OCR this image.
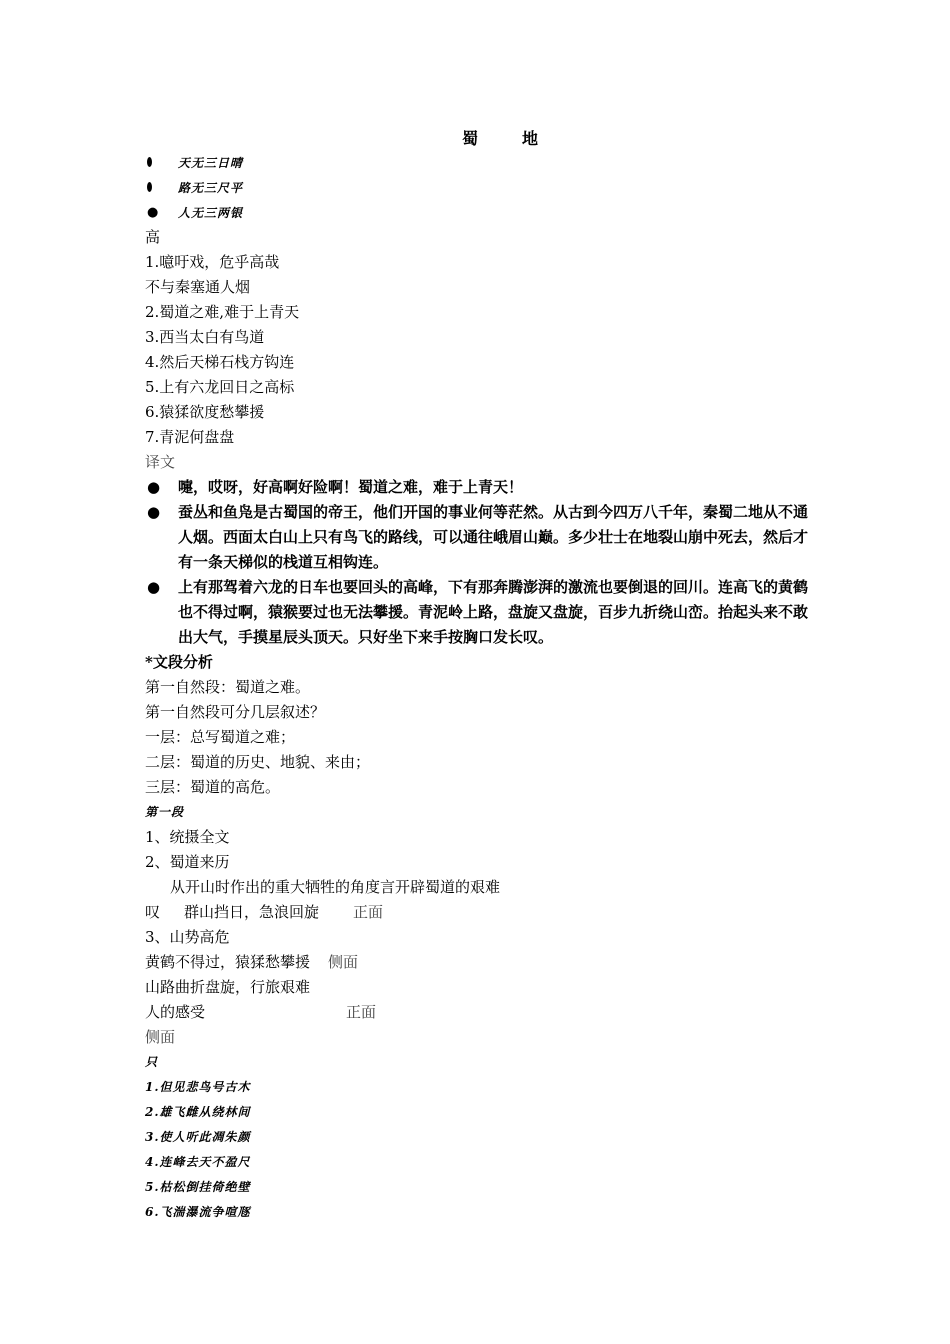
蜀	地
天无三日晴
路无三尺平
● 人无三两银
高
1.噫吁戏，危乎高哉
不与秦塞通人烟
2.蜀道之难,难于上青天
3.西当太白有鸟道
4.然后天梯石栈方钩连
5.上有六龙回日之高标
6.猿猱欲度愁攀援
7.青泥何盘盘
译文
● 嚏，哎呀，好高啊好险啊！蜀道之难，难于上青天！
● 蚕丛和鱼凫是古蜀国的帝王，他们开国的事业何等茫然。从古到今四万八千年，秦蜀二地从不通人烟。西面太白山上只有鸟飞的路线，可以通往峨眉山巅。多少壮士在地裂山崩中死去，然后才有一条天梯似的栈道互相钩连。
● 上有那驾着六龙的日车也要回头的高峰，下有那奔腾澎湃的激流也要倒退的回川。连高飞的黄鹤也不得过啊，猿猴要过也无法攀援。青泥岭上路，盘旋又盘旋，百步九折绕山峦。抬起头来不敢出大气，手摸星辰头顶天。只好坐下来手按胸口发长叹。
*文段分析
第一自然段：蜀道之难。
第一自然段可分几层叙述？
一层：总写蜀道之难；
二层：蜀道的历史、地貌、来由；
三层：蜀道的高危。
第一段
1、统摄全文
2、蜀道来历
从开山时作出的重大牺牲的角度言开辟蜀道的艰难
叹 群山挡日，急浪回旋 正面
3、山势高危
黄鹤不得过，猿猱愁攀援 侧面
山路曲折盘旋，行旅艰难
人的感受	正面
侧面
只
1.但见悲鸟号古木
2.雄飞雌从绕林间
3.使人听此凋朱颜
4.连峰去天不盈尺
5.枯松倒挂倚绝壁
6.飞湍瀑流争喧豗
